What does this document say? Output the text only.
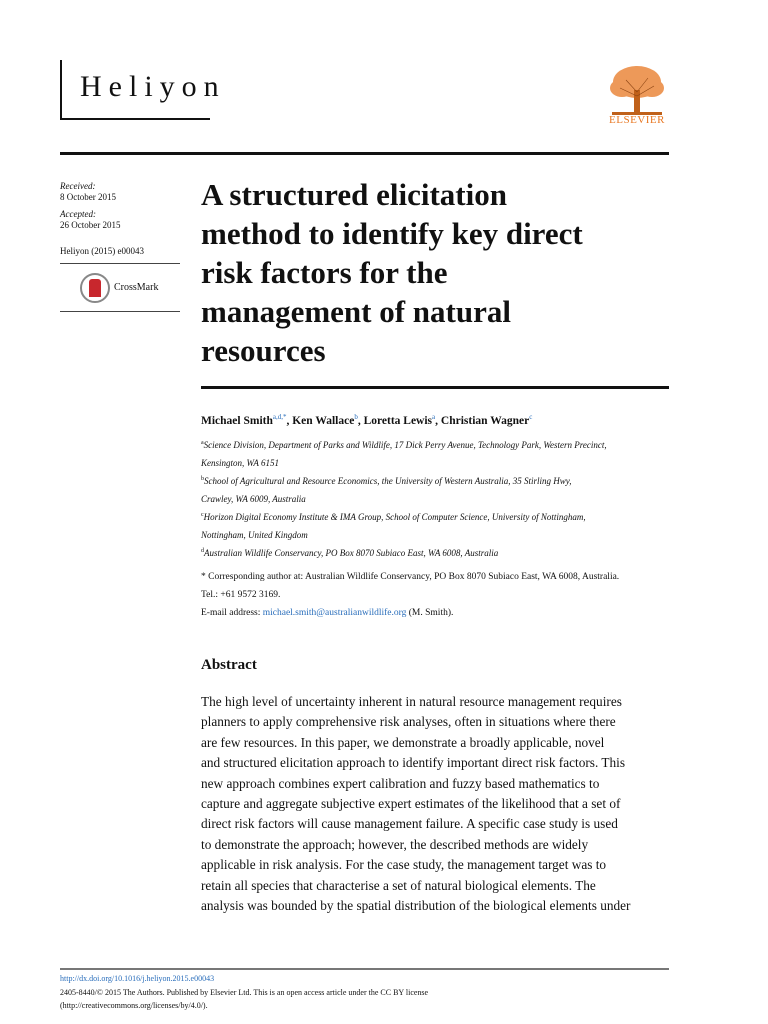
Heliyon
ELSEVIER
Received:
8 October 2015
Accepted:
26 October 2015
Heliyon (2015) e00043
CrossMark
A structured elicitation
method to identify key direct
risk factors for the
management of natural
resources
Michael Smith$^{a,d,*}$, Ken Wallace$^b$, Loretta Lewis$^a$, Christian Wagner$^c$
$^a$Science Division, Department of Parks and Wildlife, 17 Dick Perry Avenue, Technology Park, Western Precinct,
Kensington, WA 6151
$^b$School of Agricultural and Resource Economics, the University of Western Australia, 35 Stirling Hwy,
Crawley, WA 6009, Australia
$^c$Horizon Digital Economy Institute & IMA Group, School of Computer Science, University of Nottingham,
Nottingham, United Kingdom
$^d$Australian Wildlife Conservancy, PO Box 8070 Subiaco East, WA 6008, Australia
* Corresponding author at: Australian Wildlife Conservancy, PO Box 8070 Subiaco East, WA 6008, Australia.
Tel.: +61 9572 3169.
E-mail address: michael.smith@australianwildlife.org (M. Smith).
Abstract
The high level of uncertainty inherent in natural resource management requires
planners to apply comprehensive risk analyses, often in situations where there
are few resources. In this paper, we demonstrate a broadly applicable, novel
and structured elicitation approach to identify important direct risk factors. This
new approach combines expert calibration and fuzzy based mathematics to
capture and aggregate subjective expert estimates of the likelihood that a set of
direct risk factors will cause management failure. A specific case study is used
to demonstrate the approach; however, the described methods are widely
applicable in risk analysis. For the case study, the management target was to
retain all species that characterise a set of natural biological elements. The
analysis was bounded by the spatial distribution of the biological elements under
http://dx.doi.org/10.1016/j.heliyon.2015.e00043
2405-8440/© 2015 The Authors. Published by Elsevier Ltd. This is an open access article under the CC BY license
(http://creativecommons.org/licenses/by/4.0/).
